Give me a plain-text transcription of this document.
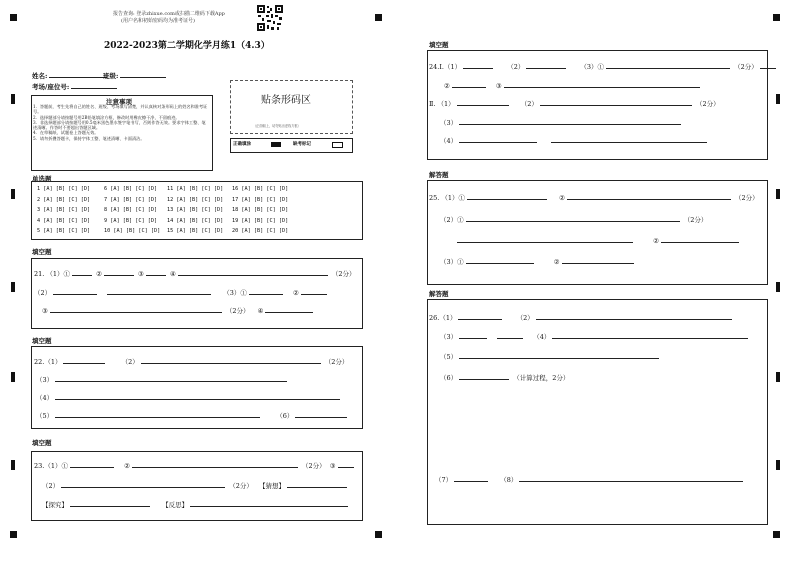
报告查询: 登录zhixue.com或扫描二维码下载App
(用户名和初始密码均为准考证号)
2022-2023第二学期化学月练1（4.3）
姓名:	班级:
考场/座位号:
注意事项

1．答题前，考生先将自己的姓名、班级、考场填写清楚，并认真核对条形码上的姓名和准考证号。

2．选择题部分请按题号用2B铅笔填涂方框，修改时用橡皮擦干净，不留痕迹。

3．非选择题部分请按题号用0.5毫米黑色墨水签字笔书写，否则作答无效。要求字体工整、笔迹清晰。作答时不要超出答题区域。

4．在草稿纸、试题卷上答题无效。

5．请勿折叠答题卡，保持字体工整、笔迹清晰、卡面清洁。

贴条形码区
（正面朝上，切勿贴出虚线方框）
正确填涂	缺考标记
单选题
1 [A] [B] [C] [D]
2 [A] [B] [C] [D]
3 [A] [B] [C] [D]
4 [A] [B] [C] [D]
5 [A] [B] [C] [D]
6 [A] [B] [C] [D]
7 [A] [B] [C] [D]
8 [A] [B] [C] [D]
9 [A] [B] [C] [D]
10 [A] [B] [C] [D]
11 [A] [B] [C] [D]
12 [A] [B] [C] [D]
13 [A] [B] [C] [D]
14 [A] [B] [C] [D]
15 [A] [B] [C] [D]
16 [A] [B] [C] [D]
17 [A] [B] [C] [D]
18 [A] [B] [C] [D]
19 [A] [B] [C] [D]
20 [A] [B] [C] [D]
填空题
21. （1）①	②	③	④	（2分）
（2）	（3）①	②
③	（2分） ④
填空题
22.（1）	（2）	（2分）
（3）
（4）
（5）	（6）
填空题
23.（1）①	②	（2分） ③
（2）	（2分） 【猜想】
【探究】	【反思】
填空题
24.Ⅰ.（1）	（2）	（3）①	（2分）
②	③
Ⅱ. （1）	（2）	（2分）
（3）
（4）
解答题
25. （1）①	②	（2分）
（2）①	（2分）
②
（3）①	②
解答题
26.（1）	（2）
（3）	（4）
（5）
（6）	（计算过程，2分）
（7）	（8）
